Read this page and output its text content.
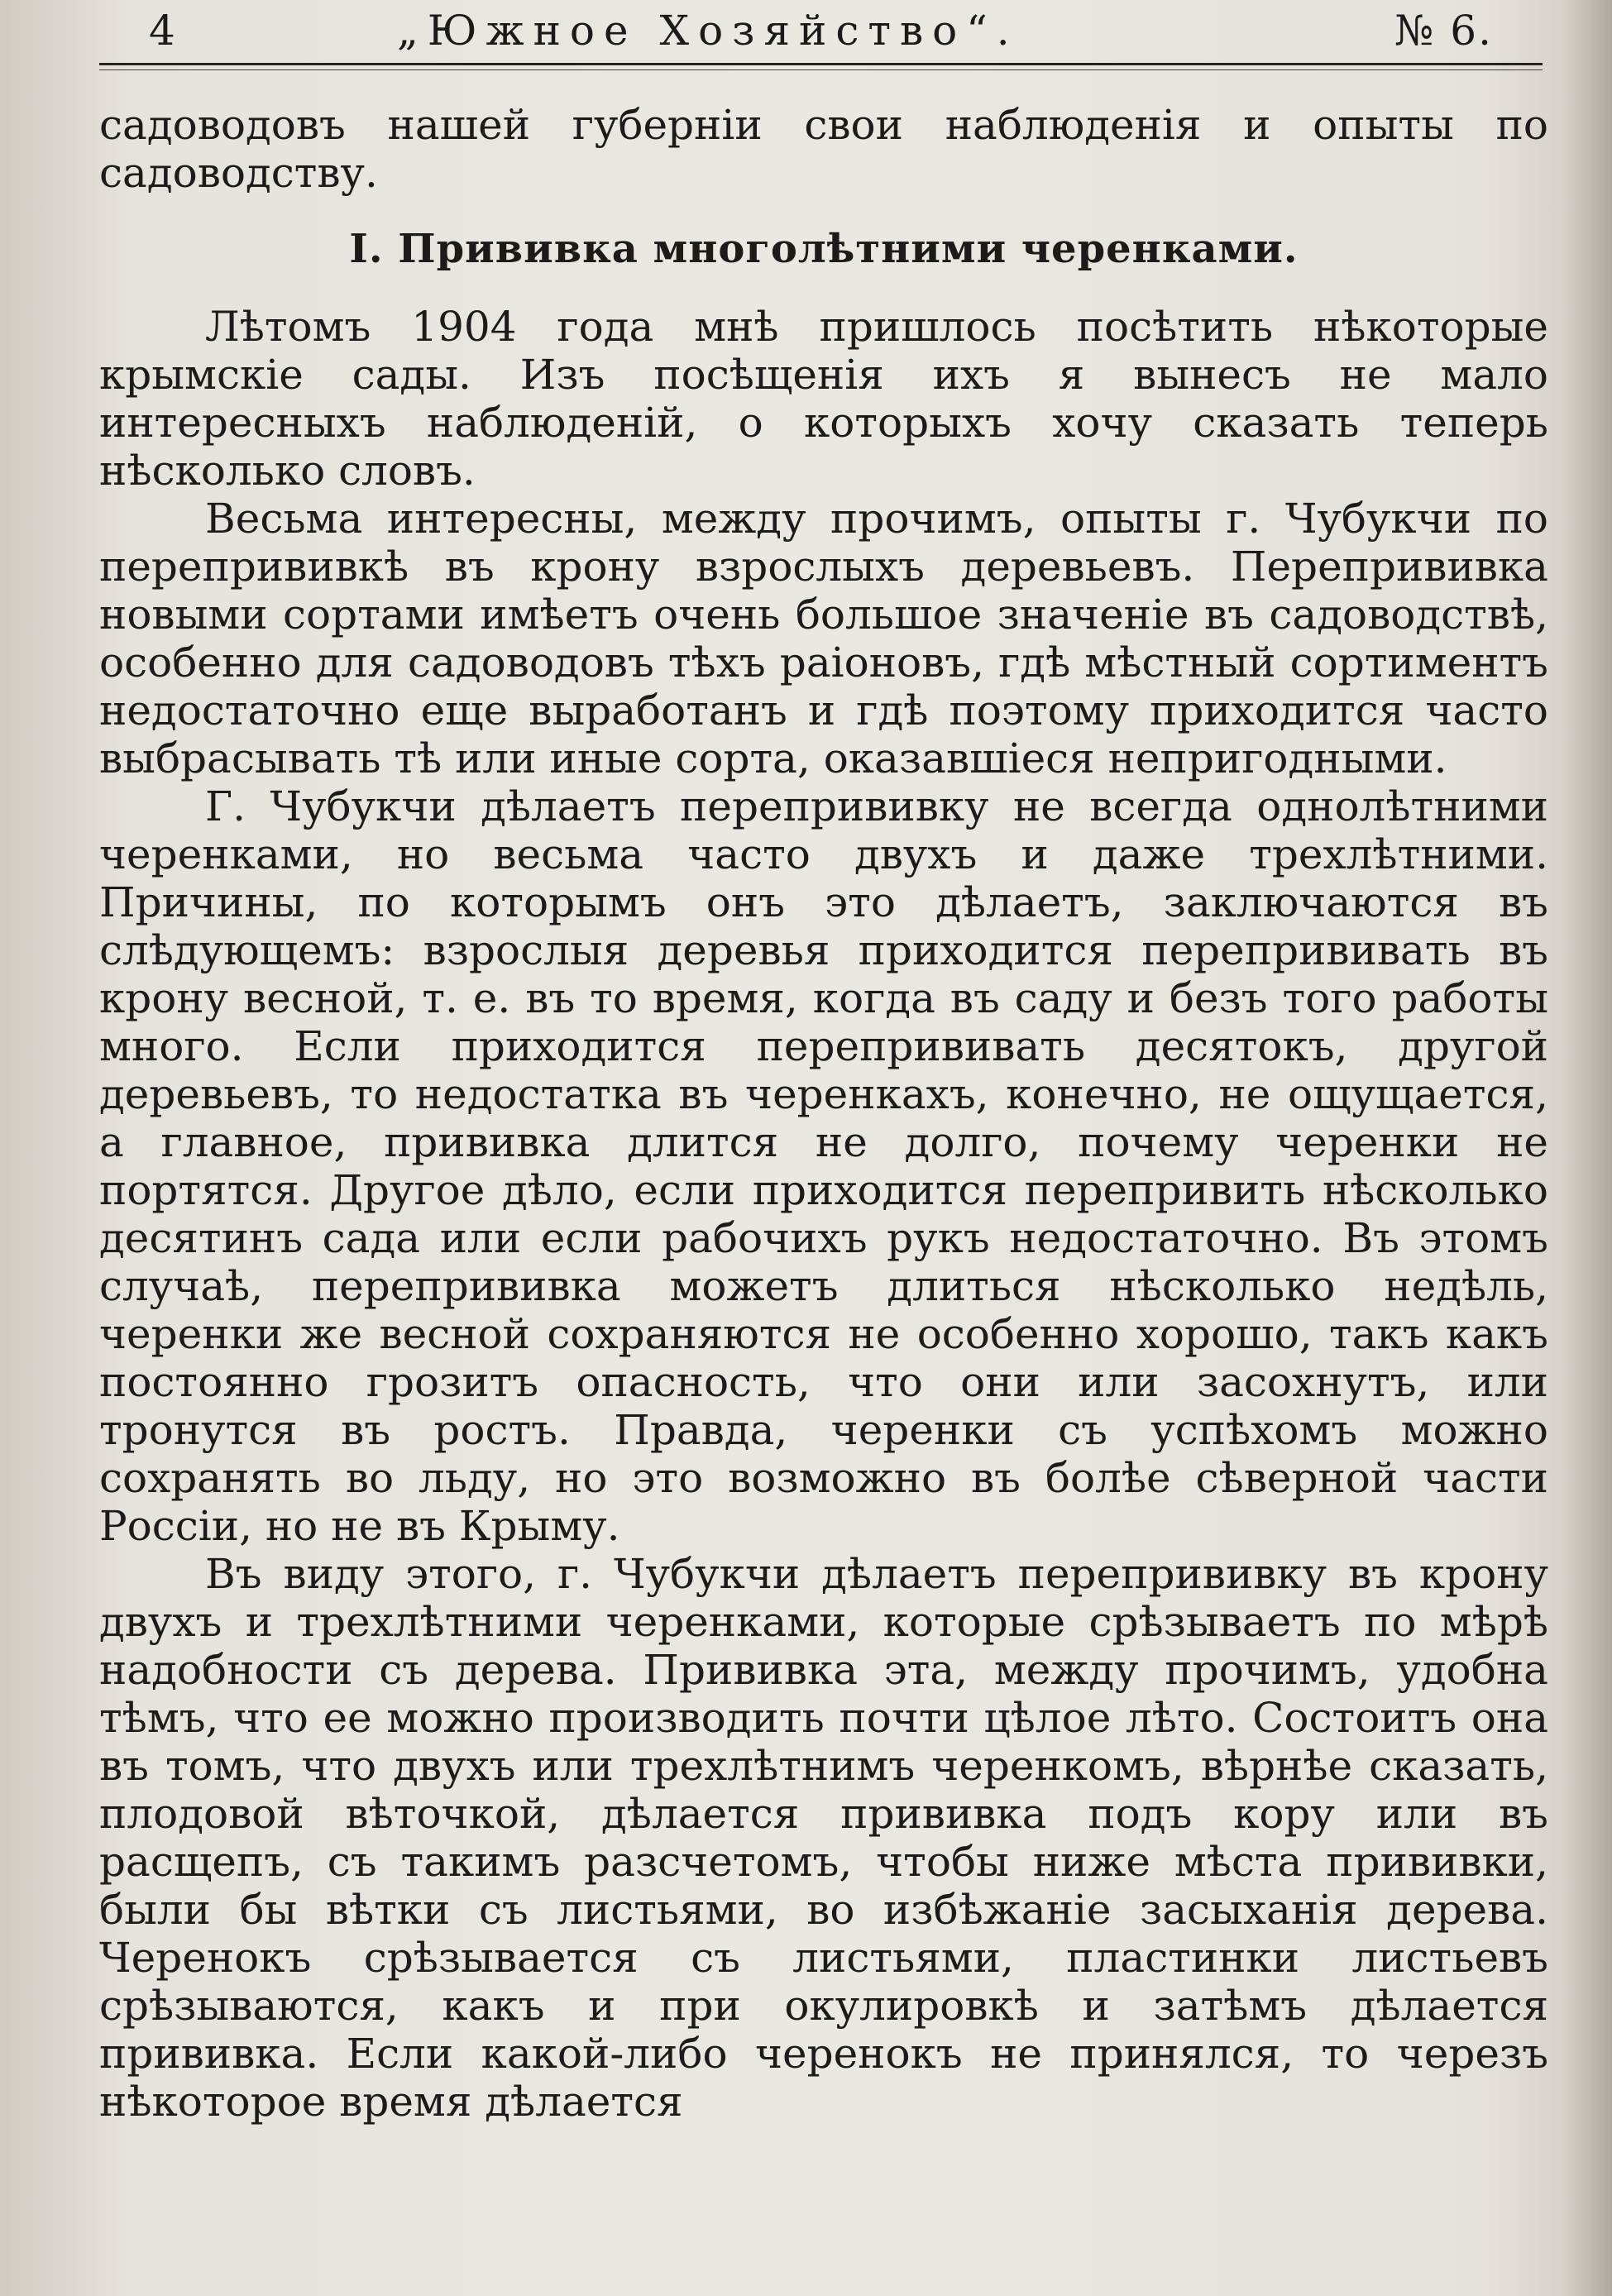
4	„Южное Хозяйство“.	№ 6.

садоводовъ нашей губерніи свои наблюденія и опыты по садоводству.

I. Прививка многолѣтними черенками.

Лѣтомъ 1904 года мнѣ пришлось посѣтить нѣкоторые крымскіе сады. Изъ посѣщенія ихъ я вынесъ не мало интересныхъ наблюденій, о которыхъ хочу сказать теперь нѣсколько словъ.

Весьма интересны, между прочимъ, опыты г. Чубукчи по перепрививкѣ въ крону взрослыхъ деревьевъ. Перепрививка новыми сортами имѣетъ очень большое значеніе въ садоводствѣ, особенно для садоводовъ тѣхъ раіоновъ, гдѣ мѣстный сортиментъ недостаточно еще выработанъ и гдѣ поэтому приходится часто выбрасывать тѣ или иные сорта, оказавшіеся непригодными.

Г. Чубукчи дѣлаетъ перепрививку не всегда однолѣтними черенками, но весьма часто двухъ и даже трехлѣтними. Причины, по которымъ онъ это дѣлаетъ, заключаются въ слѣдующемъ: взрослыя деревья приходится перепрививать въ крону весной, т. е. въ то время, когда въ саду и безъ того работы много. Если приходится перепрививать десятокъ, другой деревьевъ, то недостатка въ черенкахъ, конечно, не ощущается, а главное, прививка длится не долго, почему черенки не портятся. Другое дѣло, если приходится перепривить нѣсколько десятинъ сада или если рабочихъ рукъ недостаточно. Въ этомъ случаѣ, перепрививка можетъ длиться нѣсколько недѣль, черенки же весной сохраняются не особенно хорошо, такъ какъ постоянно грозитъ опасность, что они или засохнутъ, или тронутся въ ростъ. Правда, черенки съ успѣхомъ можно сохранять во льду, но это возможно въ болѣе сѣверной части Россіи, но не въ Крыму.

Въ виду этого, г. Чубукчи дѣлаетъ перепрививку въ крону двухъ и трехлѣтними черенками, которые срѣзываетъ по мѣрѣ надобности съ дерева. Прививка эта, между прочимъ, удобна тѣмъ, что ее можно производить почти цѣлое лѣто. Состоитъ она въ томъ, что двухъ или трехлѣтнимъ черенкомъ, вѣрнѣе сказать, плодовой вѣточкой, дѣлается прививка подъ кору или въ расщепъ, съ такимъ разсчетомъ, чтобы ниже мѣста прививки, были бы вѣтки съ листьями, во избѣжаніе засыханія дерева. Черенокъ срѣзывается съ листьями, пластинки листьевъ срѣзываются, какъ и при окулировкѣ и затѣмъ дѣлается прививка. Если какой-либо черенокъ не принялся, то черезъ нѣкоторое время дѣлается
